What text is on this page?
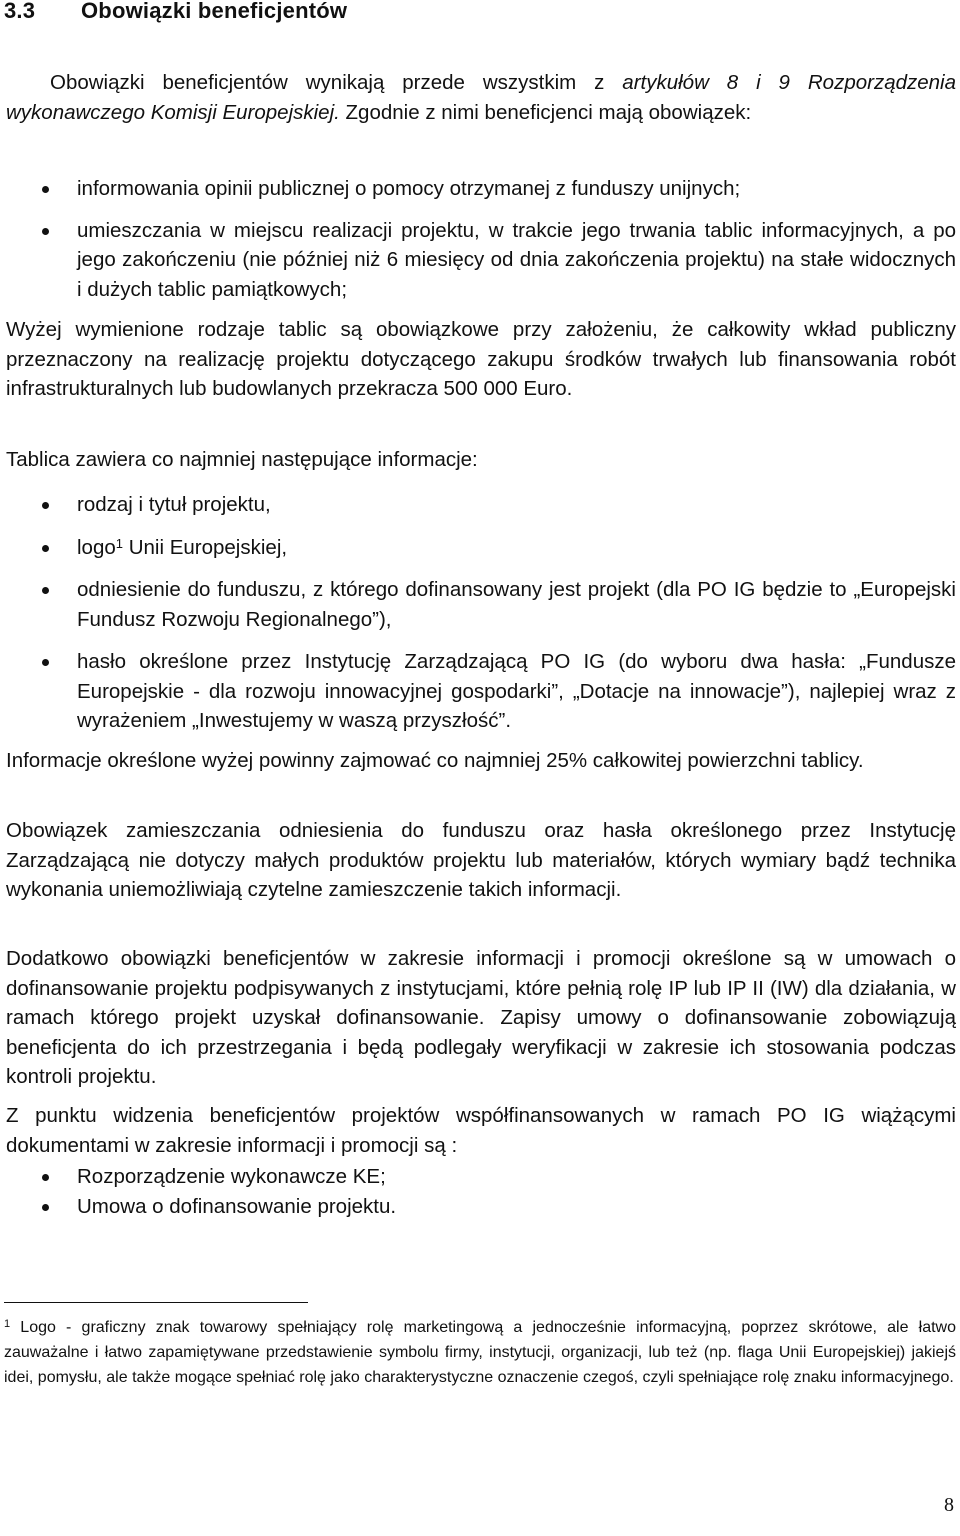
3.3 Obowiązki beneficjentów

Obowiązki beneficjentów wynikają przede wszystkim z artykułów 8 i 9 Rozporządzenia wykonawczego Komisji Europejskiej. Zgodnie z nimi beneficjenci mają obowiązek:

informowania opinii publicznej o pomocy otrzymanej z funduszy unijnych;
umieszczania w miejscu realizacji projektu, w trakcie jego trwania tablic informacyjnych, a po jego zakończeniu (nie później niż 6 miesięcy od dnia zakończenia projektu) na stałe widocznych i dużych tablic pamiątkowych;

Wyżej wymienione rodzaje tablic są obowiązkowe przy założeniu, że całkowity wkład publiczny przeznaczony na realizację projektu dotyczącego zakupu środków trwałych lub finansowania robót infrastrukturalnych lub budowlanych przekracza 500 000 Euro.

Tablica zawiera co najmniej następujące informacje:

rodzaj i tytuł projektu,
logo$^1$ Unii Europejskiej,
odniesienie do funduszu, z którego dofinansowany jest projekt (dla PO IG będzie to „Europejski Fundusz Rozwoju Regionalnego”),
hasło określone przez Instytucję Zarządzającą PO IG (do wyboru dwa hasła: „Fundusze Europejskie - dla rozwoju innowacyjnej gospodarki”, „Dotacje na innowacje”), najlepiej wraz z wyrażeniem „Inwestujemy w waszą przyszłość”.

Informacje określone wyżej powinny zajmować co najmniej 25% całkowitej powierzchni tablicy.

Obowiązek zamieszczania odniesienia do funduszu oraz hasła określonego przez Instytucję Zarządzającą nie dotyczy małych produktów projektu lub materiałów, których wymiary bądź technika wykonania uniemożliwiają czytelne zamieszczenie takich informacji.

Dodatkowo obowiązki beneficjentów w zakresie informacji i promocji określone są w umowach o dofinansowanie projektu podpisywanych z instytucjami, które pełnią rolę IP lub IP II (IW) dla działania, w ramach którego projekt uzyskał dofinansowanie. Zapisy umowy o dofinansowanie zobowiązują beneficjenta do ich przestrzegania i będą podlegały weryfikacji w zakresie ich stosowania podczas kontroli projektu.

Z punktu widzenia beneficjentów projektów współfinansowanych w ramach PO IG wiążącymi dokumentami w zakresie informacji i promocji są :

Rozporządzenie wykonawcze KE;
Umowa o dofinansowanie projektu.

$^1$ Logo - graficzny znak towarowy spełniający rolę marketingową a jednocześnie informacyjną, poprzez skrótowe, ale łatwo zauważalne i łatwo zapamiętywane przedstawienie symbolu firmy, instytucji, organizacji, lub też (np. flaga Unii Europejskiej) jakiejś idei, pomysłu, ale także mogące spełniać rolę jako charakterystyczne oznaczenie czegoś, czyli spełniające rolę znaku informacyjnego.

8
